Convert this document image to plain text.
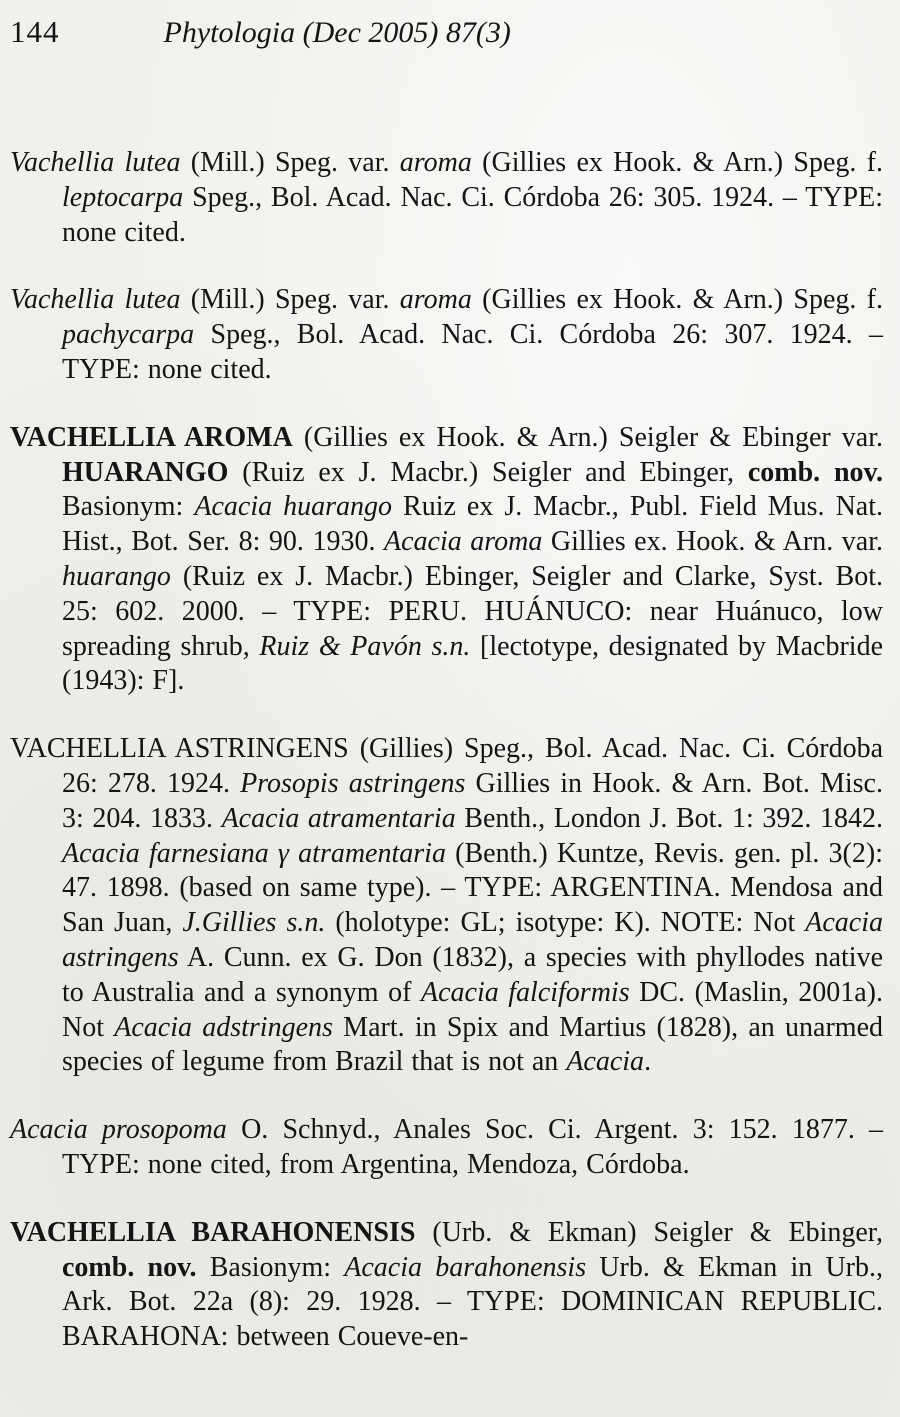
144	Phytologia (Dec 2005) 87(3)

Vachellia lutea (Mill.) Speg. var. aroma (Gillies ex Hook. & Arn.) Speg. f. leptocarpa Speg., Bol. Acad. Nac. Ci. Córdoba 26: 305. 1924. – TYPE: none cited.

Vachellia lutea (Mill.) Speg. var. aroma (Gillies ex Hook. & Arn.) Speg. f. pachycarpa Speg., Bol. Acad. Nac. Ci. Córdoba 26: 307. 1924. – TYPE: none cited.

VACHELLIA AROMA (Gillies ex Hook. & Arn.) Seigler & Ebinger var. HUARANGO (Ruiz ex J. Macbr.) Seigler and Ebinger, comb. nov. Basionym: Acacia huarango Ruiz ex J. Macbr., Publ. Field Mus. Nat. Hist., Bot. Ser. 8: 90. 1930. Acacia aroma Gillies ex. Hook. & Arn. var. huarango (Ruiz ex J. Macbr.) Ebinger, Seigler and Clarke, Syst. Bot. 25: 602. 2000. – TYPE: PERU. HUÁNUCO: near Huánuco, low spreading shrub, Ruiz & Pavón s.n. [lectotype, designated by Macbride (1943): F].

VACHELLIA ASTRINGENS (Gillies) Speg., Bol. Acad. Nac. Ci. Córdoba 26: 278. 1924. Prosopis astringens Gillies in Hook. & Arn. Bot. Misc. 3: 204. 1833. Acacia atramentaria Benth., London J. Bot. 1: 392. 1842. Acacia farnesiana γ atramentaria (Benth.) Kuntze, Revis. gen. pl. 3(2): 47. 1898. (based on same type). – TYPE: ARGENTINA. Mendosa and San Juan, J.Gillies s.n. (holotype: GL; isotype: K). NOTE: Not Acacia astringens A. Cunn. ex G. Don (1832), a species with phyllodes native to Australia and a synonym of Acacia falciformis DC. (Maslin, 2001a). Not Acacia adstringens Mart. in Spix and Martius (1828), an unarmed species of legume from Brazil that is not an Acacia.

Acacia prosopoma O. Schnyd., Anales Soc. Ci. Argent. 3: 152. 1877. – TYPE: none cited, from Argentina, Mendoza, Córdoba.

VACHELLIA BARAHONENSIS (Urb. & Ekman) Seigler & Ebinger, comb. nov. Basionym: Acacia barahonensis Urb. & Ekman in Urb., Ark. Bot. 22a (8): 29. 1928. – TYPE: DOMINICAN REPUBLIC. BARAHONA: between Coueve-en-
